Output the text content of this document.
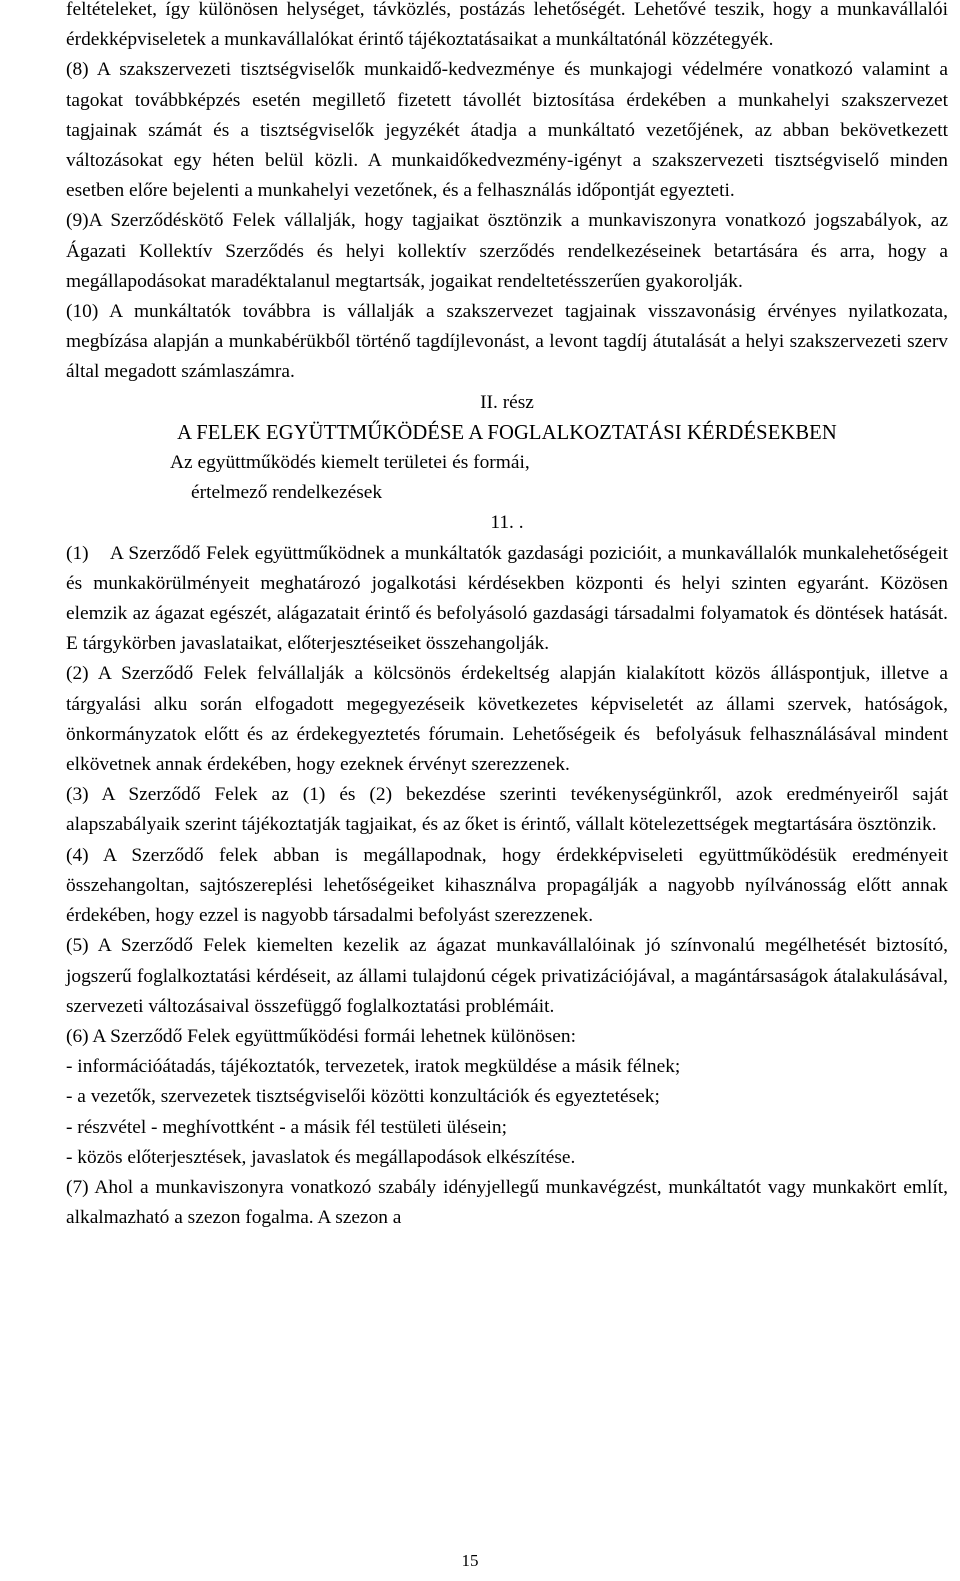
feltételeket, így különösen helységet, távközlés, postázás lehetőségét. Lehetővé teszik, hogy a munkavállalói érdekképviseletek a munkavállalókat érintő tájékoztatásaikat a munkáltatónál közzétegyék.

(8) A szakszervezeti tisztségviselők munkaidő-kedvezménye és munkajogi védelmére vonatkozó valamint a tagokat továbbképzés esetén megillető fizetett távollét biztosítása érdekében a munkahelyi szakszervezet tagjainak számát és a tisztségviselők jegyzékét átadja a munkáltató vezetőjének, az abban bekövetkezett változásokat egy héten belül közli. A munkaidőkedvezmény-igényt a szakszervezeti tisztségviselő minden esetben előre bejelenti a munkahelyi vezetőnek, és a felhasználás időpontját egyezteti.

(9)A Szerződéskötő Felek vállalják, hogy tagjaikat ösztönzik a munkaviszonyra vonatkozó jogszabályok, az Ágazati Kollektív Szerződés és helyi kollektív szerződés rendelkezéseinek betartására és arra, hogy a megállapodásokat maradéktalanul megtartsák, jogaikat rendeltetésszerűen gyakorolják.

(10) A munkáltatók továbbra is vállalják a szakszervezet tagjainak visszavonásig érvényes nyilatkozata, megbízása alapján a munkabérükből történő tagdíjlevonást, a levont tagdíj átutalását a helyi szakszervezeti szerv által megadott számlaszámra.

II. rész

A FELEK EGYÜTTMŰKÖDÉSE A FOGLALKOZTATÁSI KÉRDÉSEKBEN

Az együttműködés kiemelt területei és formái,

értelmező rendelkezések

11. .

(1)    A Szerződő Felek együttműködnek a munkáltatók gazdasági pozicióit, a munkavállalók munkalehetőségeit és munkakörülményeit meghatározó jogalkotási kérdésekben központi és helyi szinten egyaránt. Közösen elemzik az ágazat egészét, alágazatait érintő és befolyásoló gazdasági társadalmi folyamatok és döntések hatását. E tárgykörben javaslataikat, előterjesztéseiket összehangolják.

(2) A Szerződő Felek felvállalják a kölcsönös érdekeltség alapján kialakított közös álláspontjuk, illetve a tárgyalási alku során elfogadott megegyezéseik következetes képviseletét az állami szervek, hatóságok, önkormányzatok előtt és az érdekegyeztetés fórumain. Lehetőségeik és  befolyásuk felhasználásával mindent elkövetnek annak érdekében, hogy ezeknek érvényt szerezzenek.

(3) A Szerződő Felek az (1) és (2) bekezdése szerinti tevékenységünkről, azok eredményeiről saját alapszabályaik szerint tájékoztatják tagjaikat, és az őket is érintő, vállalt kötelezettségek megtartására ösztönzik.

(4) A Szerződő felek abban is megállapodnak, hogy érdekképviseleti együttműködésük eredményeit összehangoltan, sajtószereplési lehetőségeiket kihasználva propagálják a nagyobb nyílvánosság előtt annak érdekében, hogy ezzel is nagyobb társadalmi befolyást szerezzenek.

(5) A Szerződő Felek kiemelten kezelik az ágazat munkavállalóinak jó színvonalú megélhetését biztosító, jogszerű foglalkoztatási kérdéseit, az állami tulajdonú cégek privatizációjával, a magántársaságok átalakulásával, szervezeti változásaival összefüggő foglalkoztatási problémáit.

(6) A Szerződő Felek együttműködési formái lehetnek különösen:

- információátadás, tájékoztatók, tervezetek, iratok megküldése a másik félnek;

- a vezetők, szervezetek tisztségviselői közötti konzultációk és egyeztetések;

- részvétel - meghívottként - a másik fél testületi ülésein;

- közös előterjesztések, javaslatok és megállapodások elkészítése.

(7) Ahol a munkaviszonyra vonatkozó szabály idényjellegű munkavégzést, munkáltatót vagy munkakört említ, alkalmazható a szezon fogalma. A szezon a

15
